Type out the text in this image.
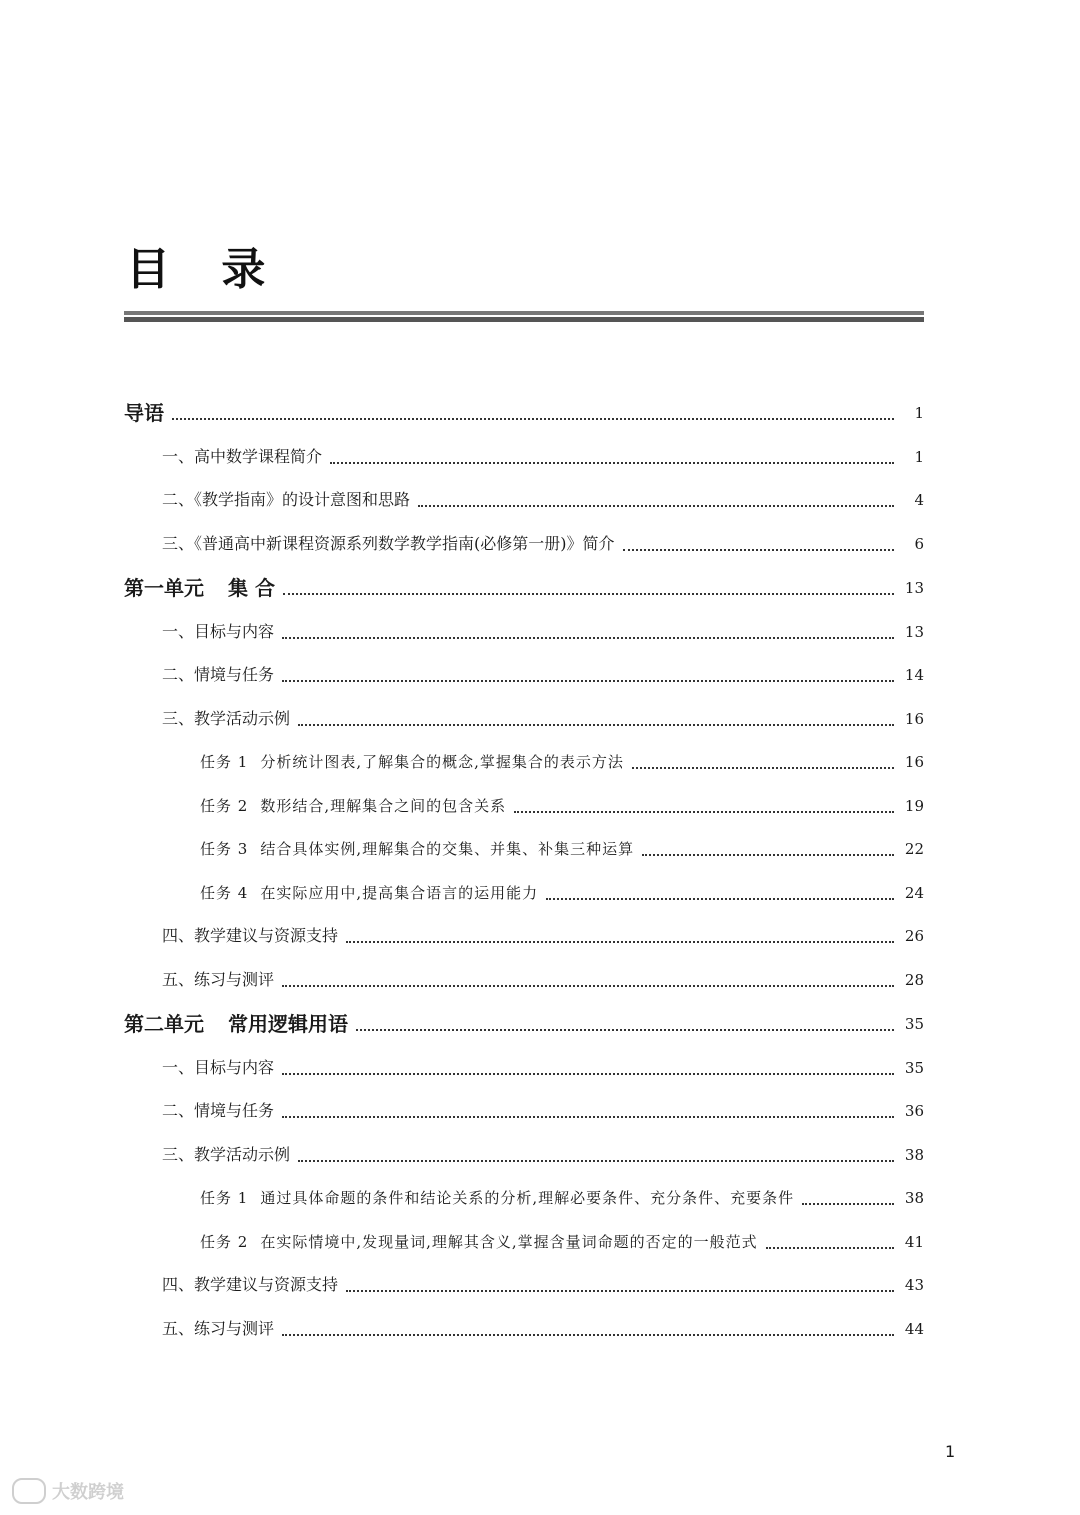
目 录
导语	1
一、高中数学课程简介	1
二、《教学指南》的设计意图和思路	4
三、《普通高中新课程资源系列数学教学指南(必修第一册)》简介	6
第一单元 集 合	13
一、目标与内容	13
二、情境与任务	14
三、教学活动示例	16
任务 1 分析统计图表,了解集合的概念,掌握集合的表示方法	16
任务 2 数形结合,理解集合之间的包含关系	19
任务 3 结合具体实例,理解集合的交集、并集、补集三种运算	22
任务 4 在实际应用中,提高集合语言的运用能力	24
四、教学建议与资源支持	26
五、练习与测评	28
第二单元 常用逻辑用语	35
一、目标与内容	35
二、情境与任务	36
三、教学活动示例	38
任务 1 通过具体命题的条件和结论关系的分析,理解必要条件、充分条件、充要条件	38
任务 2 在实际情境中,发现量词,理解其含义,掌握含量词命题的否定的一般范式	41
四、教学建议与资源支持	43
五、练习与测评	44
1
大数跨境
